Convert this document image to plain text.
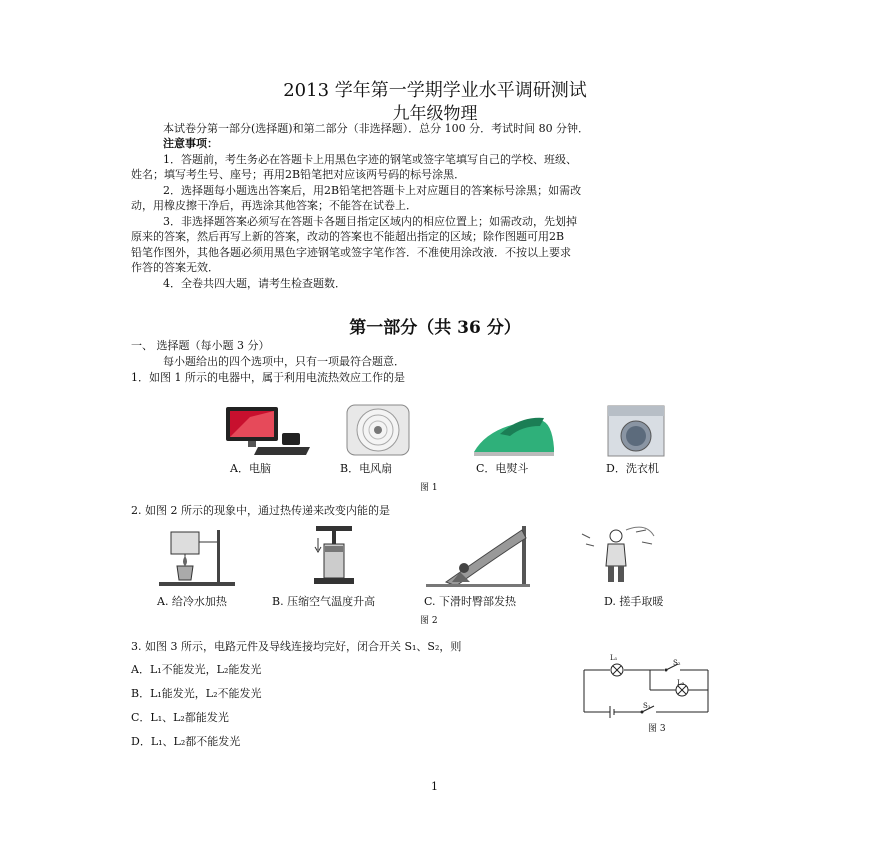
2013 学年第一学期学业水平调研测试
九年级物理
本试卷分第一部分(选择题)和第二部分（非选择题）．总分 100 分．考试时间 80 分钟．
注意事项：
1．答题前，考生务必在答题卡上用黑色字迹的钢笔或签字笔填写自己的学校、班级、
姓名；填写考生号、座号；再用2B铅笔把对应该两号码的标号涂黑．
2．选择题每小题选出答案后，用2B铅笔把答题卡上对应题目的答案标号涂黑；如需改
动，用橡皮擦干净后，再选涂其他答案；不能答在试卷上．
3．非选择题答案必须写在答题卡各题目指定区域内的相应位置上；如需改动，先划掉
原来的答案，然后再写上新的答案，改动的答案也不能超出指定的区域；除作图题可用2B
铅笔作图外，其他各题必须用黑色字迹钢笔或签字笔作答．不准使用涂改液．不按以上要求
作答的答案无效．
4．全卷共四大题，请考生检查题数．
第一部分（共 36 分）
一、 选择题（每小题 3 分）
每小题给出的四个选项中，只有一项最符合题意．
1．如图 1 所示的电器中，属于利用电流热效应工作的是
A．电脑	B．电风扇	C．电熨斗	D．洗衣机
图 1
2. 如图 2 所示的现象中，通过热传递来改变内能的是
A. 给冷水加热	B. 压缩空气温度升高	C. 下滑时臀部发热	D. 搓手取暖
图 2
3. 如图 3 所示，电路元件及导线连接均完好，闭合开关 S₁、S₂，则
A．L₁不能发光，L₂能发光
B．L₁能发光，L₂不能发光
C．L₁、L₂都能发光
D．L₁、L₂都不能发光
L₁
S₂
L₂
S₁
图 3
1
